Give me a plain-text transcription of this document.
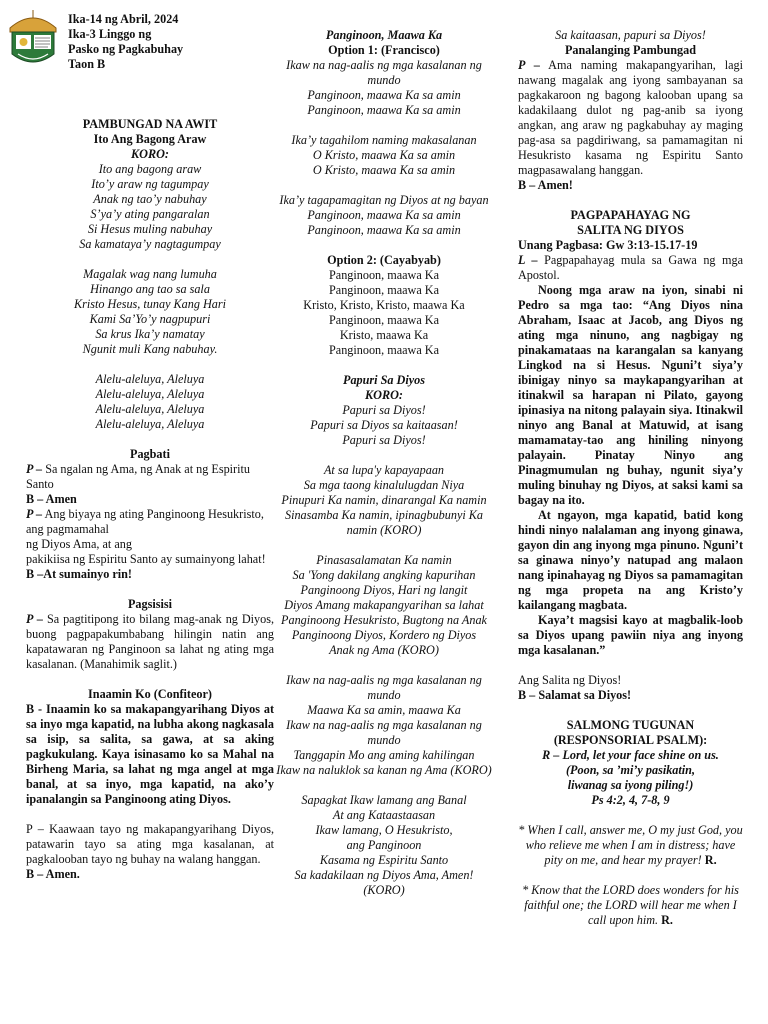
Ika-14 ng Abril, 2024
Ika-3 Linggo ng
Pasko ng Pagkabuhay
Taon B
PAMBUNGAD NA AWIT
Ito Ang Bagong Araw
KORO:
Ito ang bagong araw
Ito’y araw ng tagumpay
Anak ng tao’y nabuhay
S’ya’y ating pangaralan
Si Hesus muling nabuhay
Sa kamataya’y nagtagumpay
Magalak wag nang lumuha
Hinango ang tao sa sala
Kristo Hesus, tunay Kang Hari
Kami Sa’Yo’y nagpupuri
Sa krus Ika’y namatay
Ngunit muli Kang nabuhay.
Alelu-aleluya, Aleluya
Alelu-aleluya, Aleluya
Alelu-aleluya, Aleluya
Alelu-aleluya, Aleluya
Pagbati

P – Sa ngalan ng Ama, ng Anak at ng Espiritu Santo

B – Amen

P – Ang biyaya ng ating Panginoong Hesukristo, ang pagmamahal

ng Diyos Ama, at ang

pakikiisa ng Espiritu Santo ay sumainyong lahat!

B –At sumainyo rin!

Pagsisisi

P – Sa pagtitipong ito bilang mag-anak ng Diyos, buong pagpapakumbabang hilingin natin ang kapatawaran ng Panginoon sa lahat ng ating mga kasalanan. (Manahimik saglit.)

Inaamin Ko (Confiteor)

B - Inaamin ko sa makapangyarihang Diyos at sa inyo mga kapatid, na lubha akong nagkasala sa isip, sa salita, sa gawa, at sa aking pagkukulang. Kaya isinasamo ko sa Mahal na Birheng Maria, sa lahat ng mga angel at mga banal, at sa inyo, mga kapatid, na ako’y ipanalangin sa Panginoong ating Diyos.

P – Kaawaan tayo ng makapangyarihang Diyos, patawarin tayo sa ating mga kasalanan, at pagkalooban tayo ng buhay na walang hanggan.

B – Amen.

Panginoon, Maawa Ka
Option 1: (Francisco)
Ikaw na nag-aalis ng mga kasalanan ng mundo
Panginoon, maawa Ka sa amin
Panginoon, maawa Ka sa amin
Ika’y tagahilom naming makasalanan
O Kristo, maawa Ka sa amin
O Kristo, maawa Ka sa amin
Ika’y tagapamagitan ng Diyos at ng bayan
Panginoon, maawa Ka sa amin
Panginoon, maawa Ka sa amin
Option 2: (Cayabyab)
Panginoon, maawa Ka
Panginoon, maawa Ka
Kristo, Kristo, Kristo, maawa Ka
Panginoon, maawa Ka
Kristo, maawa Ka
Panginoon, maawa Ka
Papuri Sa Diyos
KORO:
Papuri sa Diyos!
Papuri sa Diyos sa kaitaasan!
Papuri sa Diyos!
At sa lupa'y kapayapaan
Sa mga taong kinalulugdan Niya
Pinupuri Ka namin, dinarangal Ka namin
Sinasamba Ka namin, ipinagbubunyi Ka namin (KORO)
Pinasasalamatan Ka namin
Sa 'Yong dakilang angking kapurihan
Panginoong Diyos, Hari ng langit
Diyos Amang makapangyarihan sa lahat
Panginoong Hesukristo, Bugtong na Anak
Panginoong Diyos, Kordero ng Diyos
Anak ng Ama (KORO)
Ikaw na nag-aalis ng mga kasalanan ng mundo
Maawa Ka sa amin, maawa Ka
Ikaw na nag-aalis ng mga kasalanan ng mundo
Tanggapin Mo ang aming kahilingan
Ikaw na naluklok sa kanan ng Ama (KORO)
Sapagkat Ikaw lamang ang Banal
At ang Kataastaasan
Ikaw lamang, O Hesukristo,
ang Panginoon
Kasama ng Espiritu Santo
Sa kadakilaan ng Diyos Ama, Amen!
(KORO)
Sa kaitaasan, papuri sa Diyos!
Panalanging Pambungad

P – Ama naming makapangyarihan, lagi nawang magalak ang iyong sambayanan sa pagkakaroon ng bagong kalooban upang sa kadakilaang dulot ng pag-anib sa iyong angkan, ang araw ng pagkabuhay ay maging pag-asa sa pagdiriwang, sa pamamagitan ni Hesukristo kasama ng Espiritu Santo magpasawalang hanggan.

B – Amen!

PAGPAPAHAYAG NG
SALITA NG DIYOS
Unang Pagbasa: Gw 3:13-15.17-19

L – Pagpapahayag mula sa Gawa ng mga Apostol.

Noong mga araw na iyon, sinabi ni Pedro sa mga tao: “Ang Diyos nina Abraham, Isaac at Jacob, ang Diyos ng ating mga ninuno, ang nagbigay ng pinakamataas na karangalan sa kanyang Lingkod na si Hesus. Nguni’t siya’y ibinigay ninyo sa maykapangyarihan at itinakwil sa harapan ni Pilato, gayong ipinasiya na nitong palayain siya. Itinakwil ninyo ang Banal at Matuwid, at isang mamamatay-tao ang hiniling ninyong palayain. Pinatay Ninyo ang Pinagmumulan ng buhay, ngunit siya’y muling binuhay ng Diyos, at saksi kami sa bagay na ito.

At ngayon, mga kapatid, batid kong hindi ninyo nalalaman ang inyong ginawa, gayon din ang inyong mga pinuno. Nguni’t sa ginawa ninyo’y natupad ang malaon nang ipinahayag ng Diyos sa pamamagitan ng mga propeta na ang Kristo’y kailangang magbata.

Kaya’t magsisi kayo at magbalik-loob sa Diyos upang pawiin niya ang inyong mga kasalanan.”

Ang Salita ng Diyos!

B – Salamat sa Diyos!

SALMONG TUGUNAN
(RESPONSORIAL PSALM):
R – Lord, let your face shine on us.
(Poon, sa ’mi’y pasikatin,
liwanag sa iyong piling!)
Ps 4:2, 4, 7-8, 9

* When I call, answer me, O my just God, you who relieve me when I am in distress; have pity on me, and hear my prayer! R.

* Know that the LORD does wonders for his faithful one; the LORD will hear me when I call upon him. R.
